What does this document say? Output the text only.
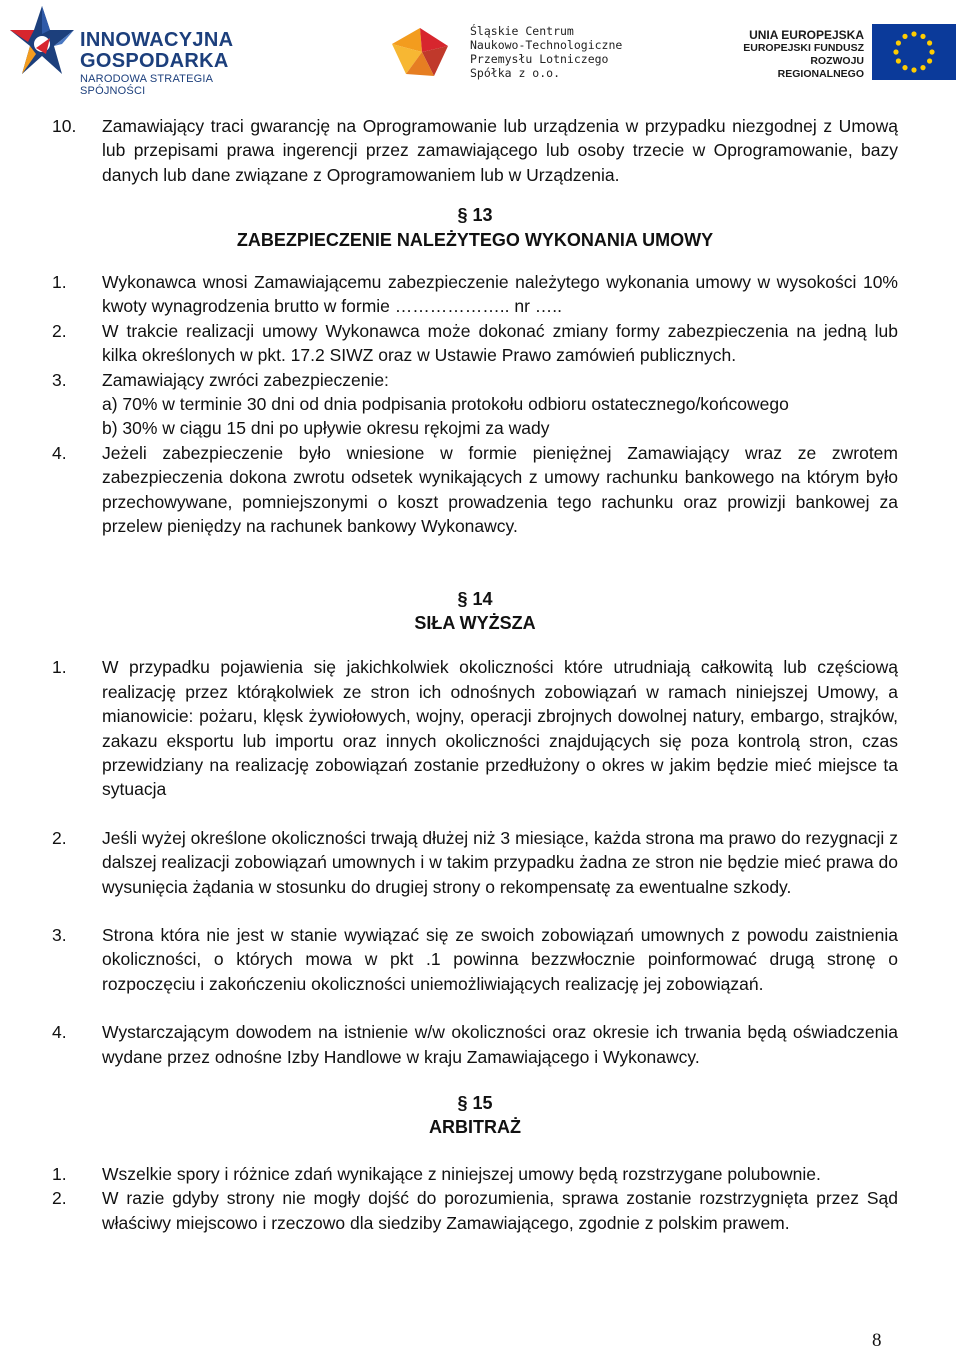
INNOWACYJNA
GOSPODARKA
NARODOWA STRATEGIA SPÓJNOŚCI
Śląskie Centrum
Naukowo-Technologiczne
Przemysłu Lotniczego
Spółka z o.o.
UNIA EUROPEJSKA
EUROPEJSKI FUNDUSZ
ROZWOJU REGIONALNEGO
10. Zamawiający traci gwarancję na Oprogramowanie lub urządzenia w przypadku niezgodnej z Umową lub przepisami prawa ingerencji przez zamawiającego lub osoby trzecie w Oprogramowanie, bazy danych lub dane związane z Oprogramowaniem lub w Urządzenia.
§ 13
ZABEZPIECZENIE NALEŻYTEGO WYKONANIA UMOWY
1. Wykonawca wnosi Zamawiającemu zabezpieczenie należytego wykonania umowy w wysokości 10% kwoty wynagrodzenia brutto w formie ……………….. nr …..
2. W trakcie realizacji umowy Wykonawca może dokonać zmiany formy zabezpieczenia na jedną lub kilka określonych w pkt. 17.2 SIWZ oraz w Ustawie Prawo zamówień publicznych.
3. Zamawiający zwróci zabezpieczenie:
a) 70% w terminie 30 dni od dnia podpisania protokołu odbioru ostatecznego/końcowego
b) 30% w ciągu 15 dni po upływie okresu rękojmi za wady
4. Jeżeli zabezpieczenie było wniesione w formie pieniężnej Zamawiający wraz ze zwrotem zabezpieczenia dokona zwrotu odsetek wynikających z umowy rachunku bankowego na którym było przechowywane, pomniejszonymi o koszt prowadzenia tego rachunku oraz prowizji bankowej za przelew pieniędzy na rachunek bankowy Wykonawcy.
§ 14
SIŁA WYŻSZA
1. W przypadku pojawienia się jakichkolwiek okoliczności które utrudniają całkowitą lub częściową realizację przez którąkolwiek ze stron ich odnośnych zobowiązań w ramach niniejszej Umowy, a mianowicie: pożaru, klęsk żywiołowych, wojny, operacji zbrojnych dowolnej natury, embargo, strajków, zakazu eksportu lub importu oraz innych okoliczności znajdujących się poza kontrolą stron, czas przewidziany na realizację zobowiązań zostanie przedłużony o okres w jakim będzie mieć miejsce ta sytuacja
2. Jeśli wyżej określone okoliczności trwają dłużej niż 3 miesiące, każda strona ma prawo do rezygnacji z dalszej realizacji zobowiązań umownych i w takim przypadku żadna ze stron nie będzie mieć prawa do wysunięcia żądania w stosunku do drugiej strony o rekompensatę za ewentualne szkody.
3. Strona która nie jest w stanie wywiązać się ze swoich zobowiązań umownych z powodu zaistnienia okoliczności, o których mowa w pkt .1 powinna bezzwłocznie poinformować drugą stronę o rozpoczęciu i zakończeniu okoliczności uniemożliwiających realizację jej zobowiązań.
4. Wystarczającym dowodem na istnienie w/w okoliczności oraz okresie ich trwania będą oświadczenia wydane przez odnośne Izby Handlowe w kraju Zamawiającego i Wykonawcy.
§ 15
ARBITRAŻ
1. Wszelkie spory i różnice zdań wynikające z niniejszej umowy będą rozstrzygane polubownie.
2. W razie gdyby strony nie mogły dojść do porozumienia, sprawa zostanie rozstrzygnięta przez Sąd właściwy miejscowo i rzeczowo dla siedziby Zamawiającego, zgodnie z polskim prawem.
8
